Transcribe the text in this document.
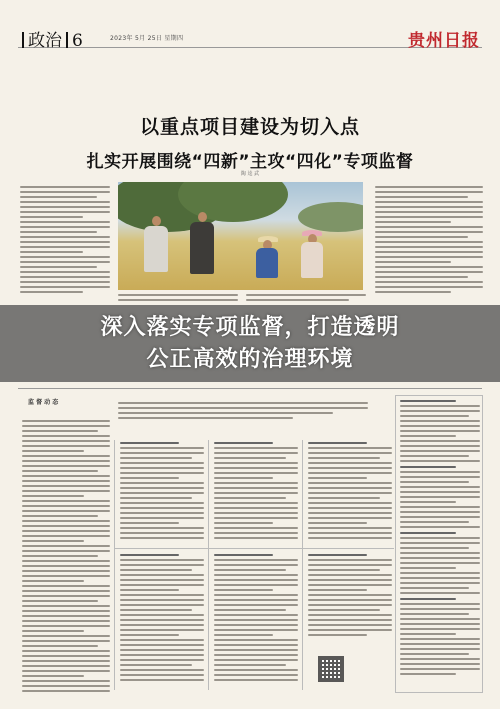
政治 6	2023年 5月 25日 星期四	贵州日报
以重点项目建设为切入点
扎实开展围绕“四新”主攻“四化”专项监督
陶 逵 武
深入落实专项监督，打造透明
公正高效的治理环境
监 督 动 态
